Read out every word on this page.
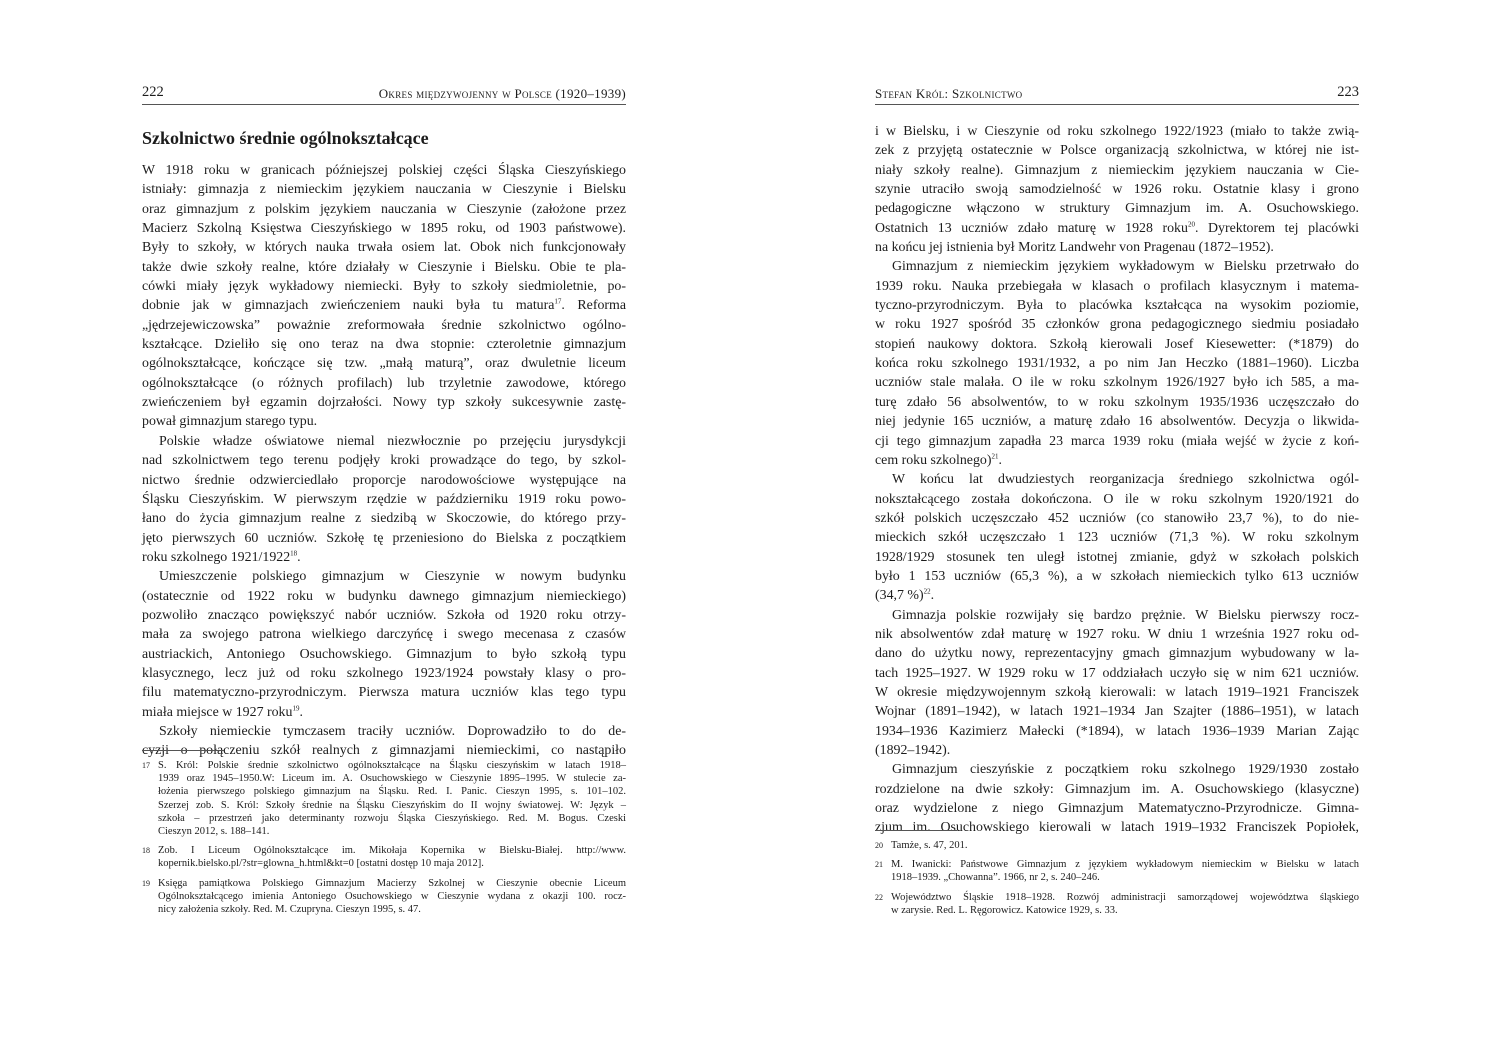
222	Okres międzywojenny w Polsce (1920–1939)
Szkolnictwo średnie ogólnokształcące
W 1918 roku w granicach późniejszej polskiej części Śląska Cieszyńskiego
istniały: gimnazja z niemieckim językiem nauczania w Cieszynie i Bielsku
oraz gimnazjum z polskim językiem nauczania w Cieszynie (założone przez
Macierz Szkolną Księstwa Cieszyńskiego w 1895 roku, od 1903 państwowe).
Były to szkoły, w których nauka trwała osiem lat. Obok nich funkcjonowały
także dwie szkoły realne, które działały w Cieszynie i Bielsku. Obie te pla-
cówki miały język wykładowy niemiecki. Były to szkoły siedmioletnie, po-
dobnie jak w gimnazjach zwieńczeniem nauki była tu matura$^{17}$. Reforma
„jędrzejewiczowska” poważnie zreformowała średnie szkolnictwo ogólno-
kształcące. Dzieliło się ono teraz na dwa stopnie: czteroletnie gimnazjum
ogólnokształcące, kończące się tzw. „małą maturą”, oraz dwuletnie liceum
ogólnokształcące (o różnych profilach) lub trzyletnie zawodowe, którego
zwieńczeniem był egzamin dojrzałości. Nowy typ szkoły sukcesywnie zastę-
pował gimnazjum starego typu.
Polskie władze oświatowe niemal niezwłocznie po przejęciu jurysdykcji
nad szkolnictwem tego terenu podjęły kroki prowadzące do tego, by szkol-
nictwo średnie odzwierciedlało proporcje narodowościowe występujące na
Śląsku Cieszyńskim. W pierwszym rzędzie w październiku 1919 roku powo-
łano do życia gimnazjum realne z siedzibą w Skoczowie, do którego przy-
jęto pierwszych 60 uczniów. Szkołę tę przeniesiono do Bielska z początkiem
roku szkolnego 1921/1922$^{18}$.
Umieszczenie polskiego gimnazjum w Cieszynie w nowym budynku
(ostatecznie od 1922 roku w budynku dawnego gimnazjum niemieckiego)
pozwoliło znacząco powiększyć nabór uczniów. Szkoła od 1920 roku otrzy-
mała za swojego patrona wielkiego darczyńcę i swego mecenasa z czasów
austriackich, Antoniego Osuchowskiego. Gimnazjum to było szkołą typu
klasycznego, lecz już od roku szkolnego 1923/1924 powstały klasy o pro-
filu matematyczno-przyrodniczym. Pierwsza matura uczniów klas tego typu
miała miejsce w 1927 roku$^{19}$.
Szkoły niemieckie tymczasem traciły uczniów. Doprowadziło to do de-
cyzji o połączeniu szkół realnych z gimnazjami niemieckimi, co nastąpiło
17 S. Król: Polskie średnie szkolnictwo ogólnokształcące na Śląsku cieszyńskim w latach 1918–
1939 oraz 1945–1950.W: Liceum im. A. Osuchowskiego w Cieszynie 1895–1995. W stulecie za-
łożenia pierwszego polskiego gimnazjum na Śląsku. Red. I. Panic. Cieszyn 1995, s. 101–102.
Szerzej zob. S. Król: Szkoły średnie na Śląsku Cieszyńskim do II wojny światowej. W: Język –
szkoła – przestrzeń jako determinanty rozwoju Śląska Cieszyńskiego. Red. M. Bogus. Czeski
Cieszyn 2012, s. 188–141.
18 Zob. I Liceum Ogólnokształcące im. Mikołaja Kopernika w Bielsku-Białej. http://www.
kopernik.bielsko.pl/?str=glowna_h.html&kt=0 [ostatni dostęp 10 maja 2012].
19 Księga pamiątkowa Polskiego Gimnazjum Macierzy Szkolnej w Cieszynie obecnie Liceum
Ogólnokształcącego imienia Antoniego Osuchowskiego w Cieszynie wydana z okazji 100. rocz-
nicy założenia szkoły. Red. M. Czupryna. Cieszyn 1995, s. 47.
Stefan Król: Szkolnictwo	223
i w Bielsku, i w Cieszynie od roku szkolnego 1922/1923 (miało to także zwią-
zek z przyjętą ostatecznie w Polsce organizacją szkolnictwa, w której nie ist-
niały szkoły realne). Gimnazjum z niemieckim językiem nauczania w Cie-
szynie utraciło swoją samodzielność w 1926 roku. Ostatnie klasy i grono
pedagogiczne włączono w struktury Gimnazjum im. A. Osuchowskiego.
Ostatnich 13 uczniów zdało maturę w 1928 roku$^{20}$. Dyrektorem tej placówki
na końcu jej istnienia był Moritz Landwehr von Pragenau (1872–1952).
Gimnazjum z niemieckim językiem wykładowym w Bielsku przetrwało do
1939 roku. Nauka przebiegała w klasach o profilach klasycznym i matema-
tyczno-przyrodniczym. Była to placówka kształcąca na wysokim poziomie,
w roku 1927 spośród 35 członków grona pedagogicznego siedmiu posiadało
stopień naukowy doktora. Szkołą kierowali Josef Kiesewetter: (*1879) do
końca roku szkolnego 1931/1932, a po nim Jan Heczko (1881–1960). Liczba
uczniów stale malała. O ile w roku szkolnym 1926/1927 było ich 585, a ma-
turę zdało 56 absolwentów, to w roku szkolnym 1935/1936 uczęszczało do
niej jedynie 165 uczniów, a maturę zdało 16 absolwentów. Decyzja o likwida-
cji tego gimnazjum zapadła 23 marca 1939 roku (miała wejść w życie z koń-
cem roku szkolnego)$^{21}$.
W końcu lat dwudziestych reorganizacja średniego szkolnictwa ogól-
nokształcącego została dokończona. O ile w roku szkolnym 1920/1921 do
szkół polskich uczęszczało 452 uczniów (co stanowiło 23,7 %), to do nie-
mieckich szkół uczęszczało 1 123 uczniów (71,3 %). W roku szkolnym
1928/1929 stosunek ten uległ istotnej zmianie, gdyż w szkołach polskich
było 1 153 uczniów (65,3 %), a w szkołach niemieckich tylko 613 uczniów
(34,7 %)$^{22}$.
Gimnazja polskie rozwijały się bardzo prężnie. W Bielsku pierwszy rocz-
nik absolwentów zdał maturę w 1927 roku. W dniu 1 września 1927 roku od-
dano do użytku nowy, reprezentacyjny gmach gimnazjum wybudowany w la-
tach 1925–1927. W 1929 roku w 17 oddziałach uczyło się w nim 621 uczniów.
W okresie międzywojennym szkołą kierowali: w latach 1919–1921 Franciszek
Wojnar (1891–1942), w latach 1921–1934 Jan Szajter (1886–1951), w latach
1934–1936 Kazimierz Małecki (*1894), w latach 1936–1939 Marian Zając
(1892–1942).
Gimnazjum cieszyńskie z początkiem roku szkolnego 1929/1930 zostało
rozdzielone na dwie szkoły: Gimnazjum im. A. Osuchowskiego (klasyczne)
oraz wydzielone z niego Gimnazjum Matematyczno-Przyrodnicze. Gimna-
zjum im. Osuchowskiego kierowali w latach 1919–1932 Franciszek Popiołek,
20 Tamże, s. 47, 201.
21 M. Iwanicki: Państwowe Gimnazjum z językiem wykładowym niemieckim w Bielsku w latach
1918–1939. „Chowanna”. 1966, nr 2, s. 240–246.
22 Województwo Śląskie 1918–1928. Rozwój administracji samorządowej województwa śląskiego
w zarysie. Red. L. Ręgorowicz. Katowice 1929, s. 33.
